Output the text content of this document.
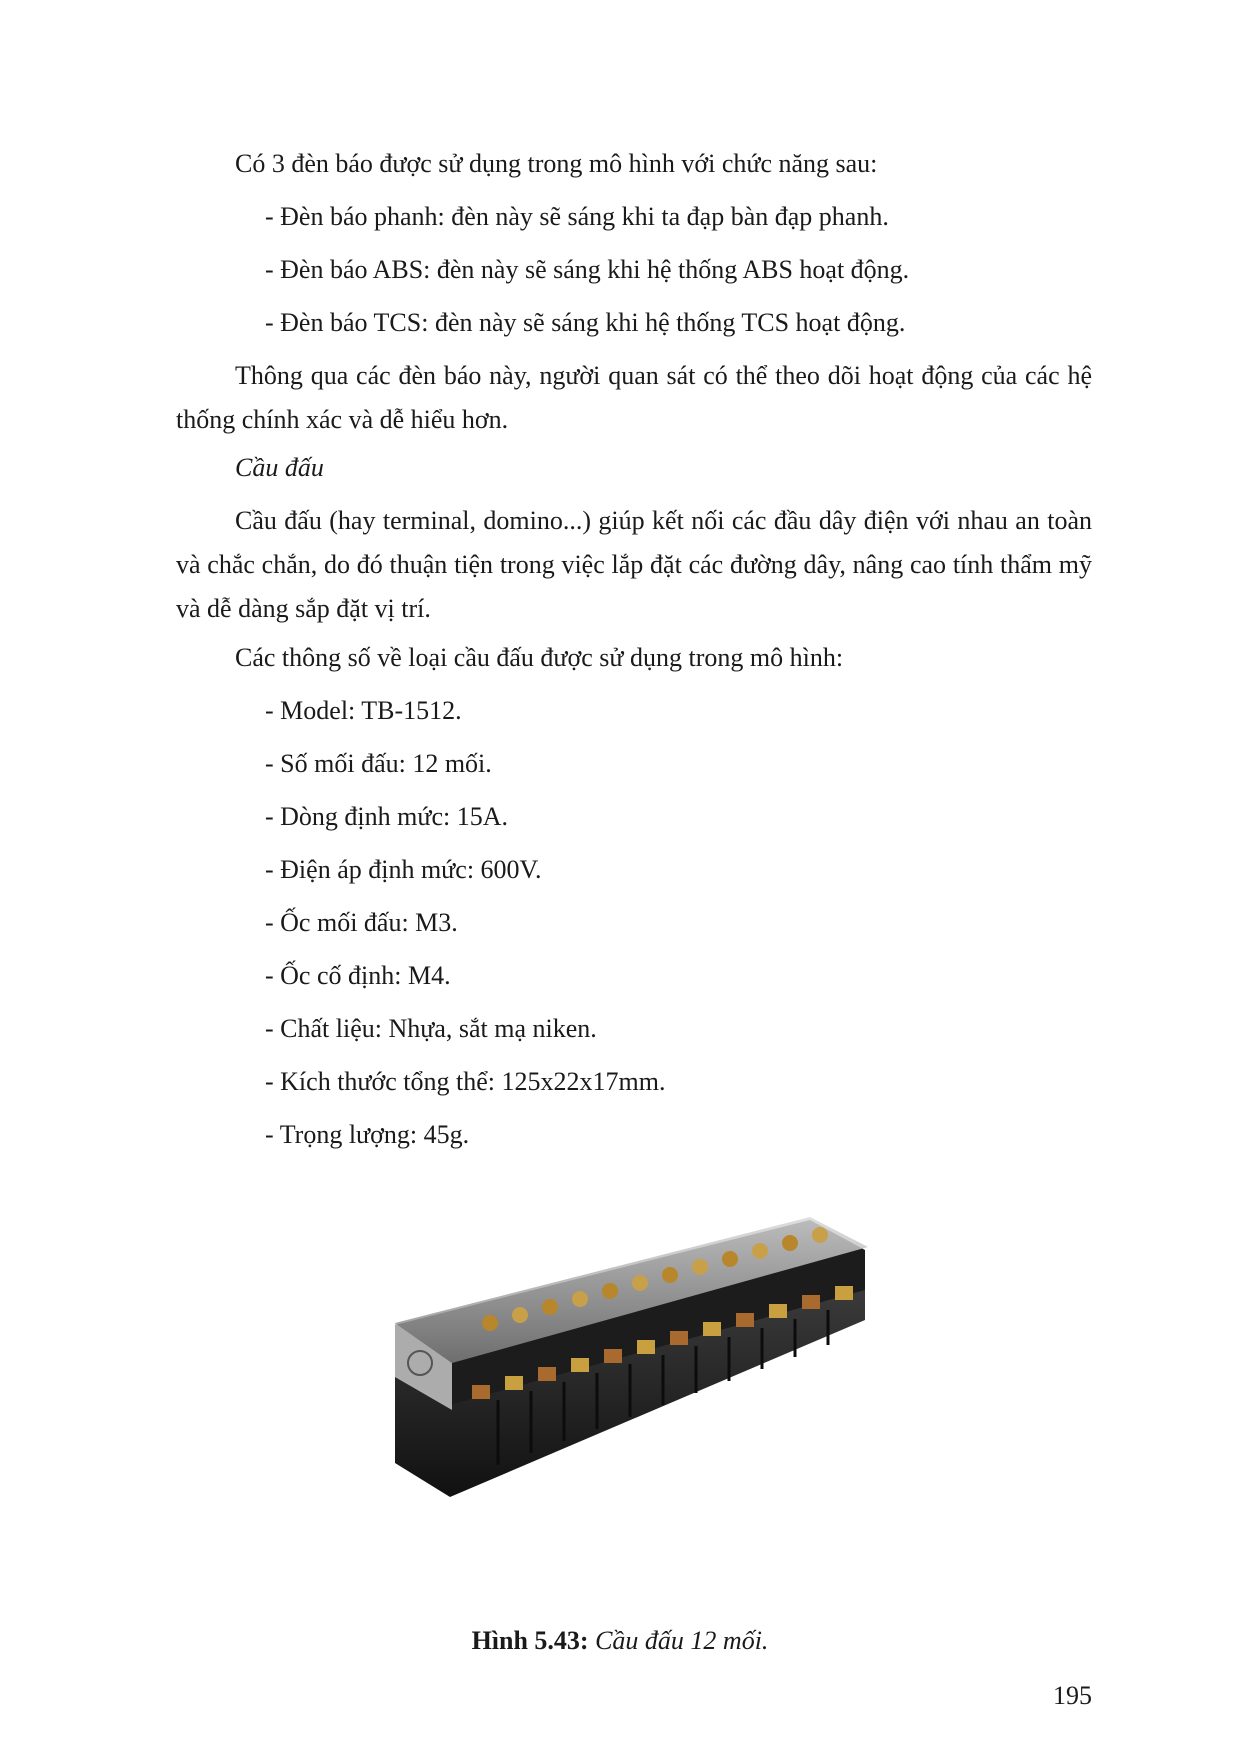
Có 3 đèn báo được sử dụng trong mô hình với chức năng sau:

- Đèn báo phanh: đèn này sẽ sáng khi ta đạp bàn đạp phanh.

- Đèn báo ABS: đèn này sẽ sáng khi hệ thống ABS hoạt động.

- Đèn báo TCS: đèn này sẽ sáng khi hệ thống TCS hoạt động.

Thông qua các đèn báo này, người quan sát có thể theo dõi hoạt động của các hệ thống chính xác và dễ hiểu hơn.

Cầu đấu

Cầu đấu (hay terminal, domino...) giúp kết nối các đầu dây điện với nhau an toàn và chắc chắn, do đó thuận tiện trong việc lắp đặt các đường dây, nâng cao tính thẩm mỹ và dễ dàng sắp đặt vị trí.

Các thông số về loại cầu đấu được sử dụng trong mô hình:

- Model: TB-1512.

- Số mối đấu: 12 mối.

- Dòng định mức: 15A.

- Điện áp định mức: 600V.

- Ốc mối đấu: M3.

- Ốc cố định: M4.

- Chất liệu: Nhựa, sắt mạ niken.

- Kích thước tổng thể: 125x22x17mm.

- Trọng lượng: 45g.

Hình 5.43: Cầu đấu 12 mối.
195
